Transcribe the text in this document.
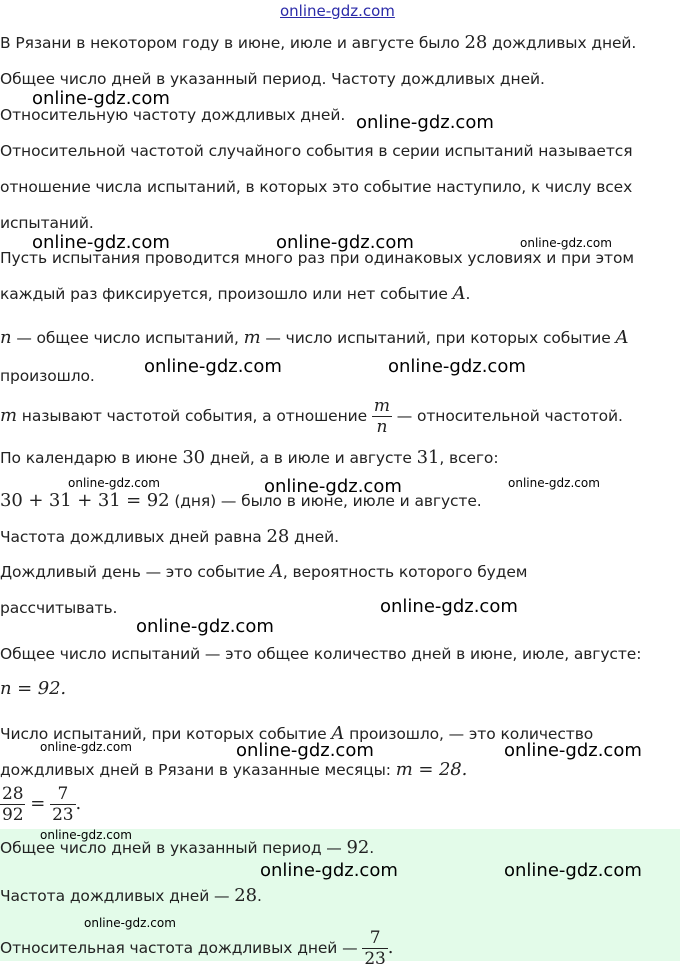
online-gdz.com
В Рязани в некотором году в июне, июле и августе было 28 дождливых дней.
Общее число дней в указанный период. Частоту дождливых дней.
Относительную частоту дождливых дней.
Относительной частотой случайного события в серии испытаний называется
отношение числа испытаний, в которых это событие наступило, к числу всех
испытаний.
Пусть испытания проводится много раз при одинаковых условиях и при этом
каждый раз фиксируется, произошло или нет событие A.
n — общее число испытаний, m — число испытаний, при которых событие A
произошло.
m называют частотой события, а отношение $\frac{m}{n}$ — относительной частотой.
По календарю в июне 30 дней, а в июле и августе 31, всего:
30 + 31 + 31 = 92 (дня) — было в июне, июле и августе.
Частота дождливых дней равна 28 дней.
Дождливый день — это событие A, вероятность которого будем
рассчитывать.
Общее число испытаний — это общее количество дней в июне, июле, августе:
n = 92.
Число испытаний, при которых событие A произошло, — это количество
дождливых дней в Рязани в указанные месяцы: m = 28.
$\frac{28}{92} = \frac{7}{23}$ .
Общее число дней в указанный период — 92.
Частота дождливых дней — 28.
Относительная частота дождливых дней — $\frac{7}{23}$ .
online-gdz.com
online-gdz.com
online-gdz.com	online-gdz.com	online-gdz.com
online-gdz.com	online-gdz.com
online-gdz.com	online-gdz.com	online-gdz.com
online-gdz.com
online-gdz.com
online-gdz.com	online-gdz.com	online-gdz.com
online-gdz.com
online-gdz.com	online-gdz.com
online-gdz.com
